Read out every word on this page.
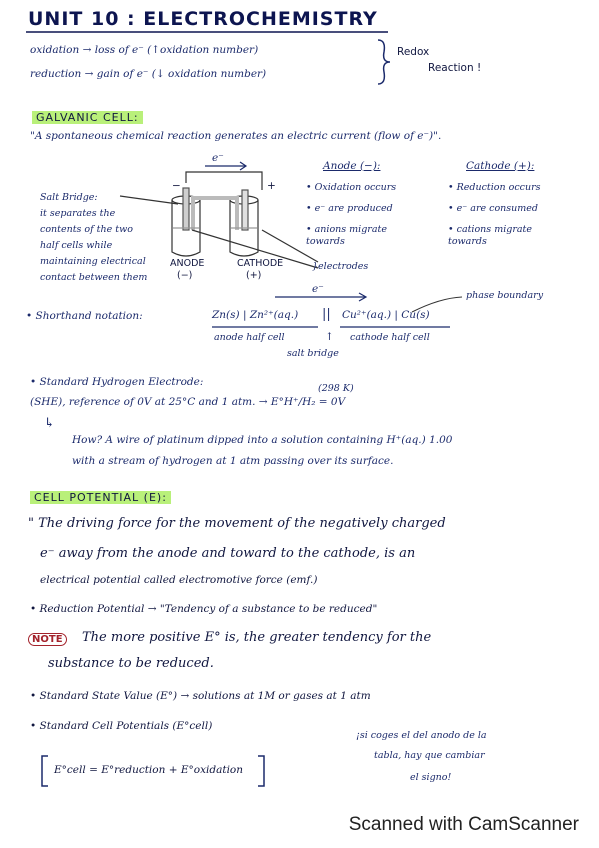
UNIT 10 : ELECTROCHEMISTRY
oxidation → loss of e⁻ (↑oxidation number)
reduction → gain of e⁻ (↓ oxidation number)
Redox
Reaction !
GALVANIC CELL:
"A spontaneous chemical reaction generates an electric current (flow of e⁻)".
e⁻
−	+
ANODE
(−)
CATHODE
(+)
}electrodes
Salt Bridge:
it separates the
contents of the two
half cells while
maintaining electrical
contact between them
Anode (−):
• Oxidation occurs
• e⁻ are produced
• anions migrate
towards
Cathode (+):
• Reduction occurs
• e⁻ are consumed
• cations migrate
towards
e⁻
phase boundary
• Shorthand notation:	Zn(s) | Zn²⁺(aq.) || Cu²⁺(aq.) | Cu(s)
anode half cell	↑ cathode half cell
salt bridge
• Standard Hydrogen Electrode:
(298 K)
(SHE), reference of 0V at 25°C and 1 atm. → E°H⁺/H₂ = 0V
↳
How? A wire of platinum dipped into a solution containing H⁺(aq.) 1.00
with a stream of hydrogen at 1 atm passing over its surface.
CELL POTENTIAL (E):
" The driving force for the movement of the negatively charged
e⁻ away from the anode and toward to the cathode, is an
electrical potential called electromotive force (emf.)
• Reduction Potential → "Tendency of a substance to be reduced"
NOTE	The more positive E° is, the greater tendency for the
substance to be reduced.
• Standard State Value (E°) → solutions at 1M or gases at 1 atm
• Standard Cell Potentials (E°cell)
E°cell = E°reduction + E°oxidation
¡si coges el del anodo de la
tabla, hay que cambiar
el signo!
Scanned with CamScanner
